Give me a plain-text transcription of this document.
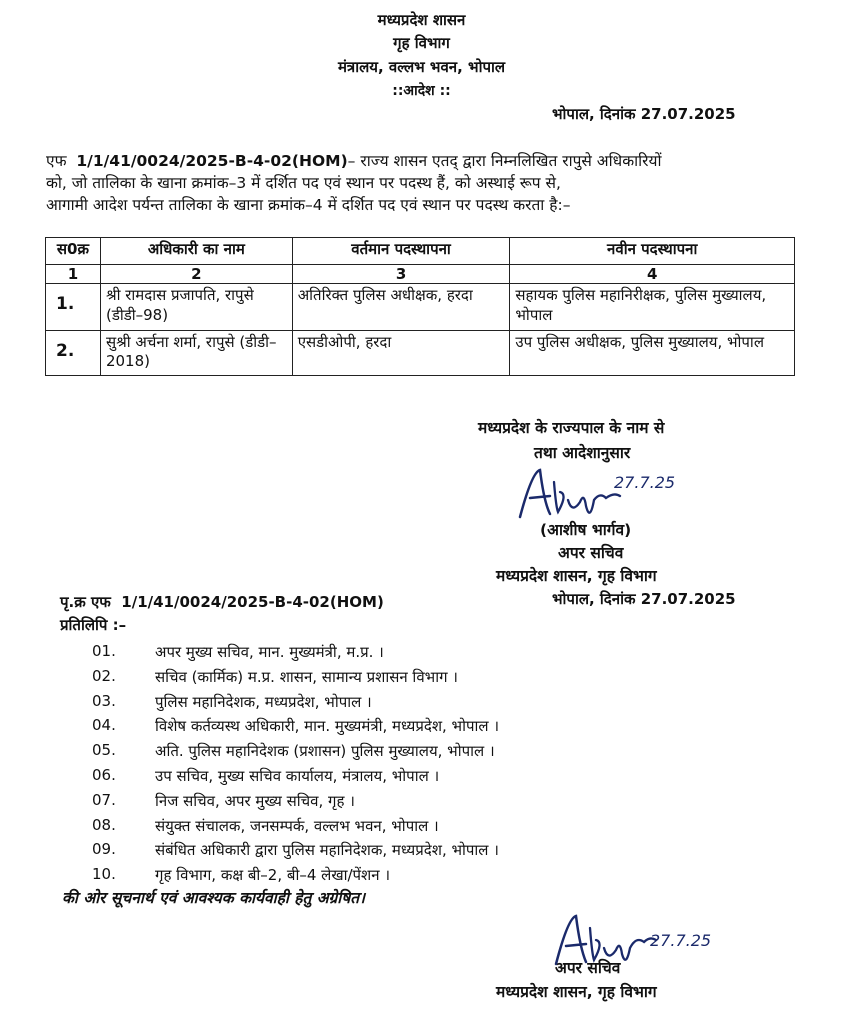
मध्यप्रदेश शासन
गृह विभाग
मंत्रालय, वल्लभ भवन, भोपाल
::आदेश ::
भोपाल, दिनांक 27.07.2025
एफ 1/1/41/0024/2025-B-4-02(HOM)– राज्य शासन एतद् द्वारा निम्नलिखित रापुसे अधिकारियों
को, जो तालिका के खाना क्रमांक–3 में दर्शित पद एवं स्थान पर पदस्थ हैं, को अस्थाई रूप से,
आगामी आदेश पर्यन्त तालिका के खाना क्रमांक–4 में दर्शित पद एवं स्थान पर पदस्थ करता है:–
स0क्र	अधिकारी का नाम	वर्तमान पदस्थापना	नवीन पदस्थापना
1	2	3	4
1.	श्री रामदास प्रजापति, रापुसे (डीडी–98)	अतिरिक्त पुलिस अधीक्षक, हरदा	सहायक पुलिस महानिरीक्षक, पुलिस मुख्यालय, भोपाल
2.	सुश्री अर्चना शर्मा, रापुसे (डीडी–2018)	एसडीओपी, हरदा	उप पुलिस अधीक्षक, पुलिस मुख्यालय, भोपाल
मध्यप्रदेश के राज्यपाल के नाम से
तथा आदेशानुसार
27.7.25
ABhy
(आशीष भार्गव)
अपर सचिव
मध्यप्रदेश शासन, गृह विभाग
पृ.क्र एफ 1/1/41/0024/2025-B-4-02(HOM)	भोपाल, दिनांक 27.07.2025
प्रतिलिपि :–
01.	अपर मुख्य सचिव, मान. मुख्यमंत्री, म.प्र. ।
02.	सचिव (कार्मिक) म.प्र. शासन, सामान्य प्रशासन विभाग ।
03.	पुलिस महानिदेशक, मध्यप्रदेश, भोपाल ।
04.	विशेष कर्तव्यस्थ अधिकारी, मान. मुख्यमंत्री, मध्यप्रदेश, भोपाल ।
05.	अति. पुलिस महानिदेशक (प्रशासन) पुलिस मुख्यालय, भोपाल ।
06.	उप सचिव, मुख्य सचिव कार्यालय, मंत्रालय, भोपाल ।
07.	निज सचिव, अपर मुख्य सचिव, गृह ।
08.	संयुक्त संचालक, जनसम्पर्क, वल्लभ भवन, भोपाल ।
09.	संबंधित अधिकारी द्वारा पुलिस महानिदेशक, मध्यप्रदेश, भोपाल ।
10.	गृह विभाग, कक्ष बी–2, बी–4 लेखा/पेंशन ।
की ओर सूचनार्थ एवं आवश्यक कार्यवाही हेतु अग्रेषित।
27.7.25
ABhy
अपर सचिव
मध्यप्रदेश शासन, गृह विभाग
